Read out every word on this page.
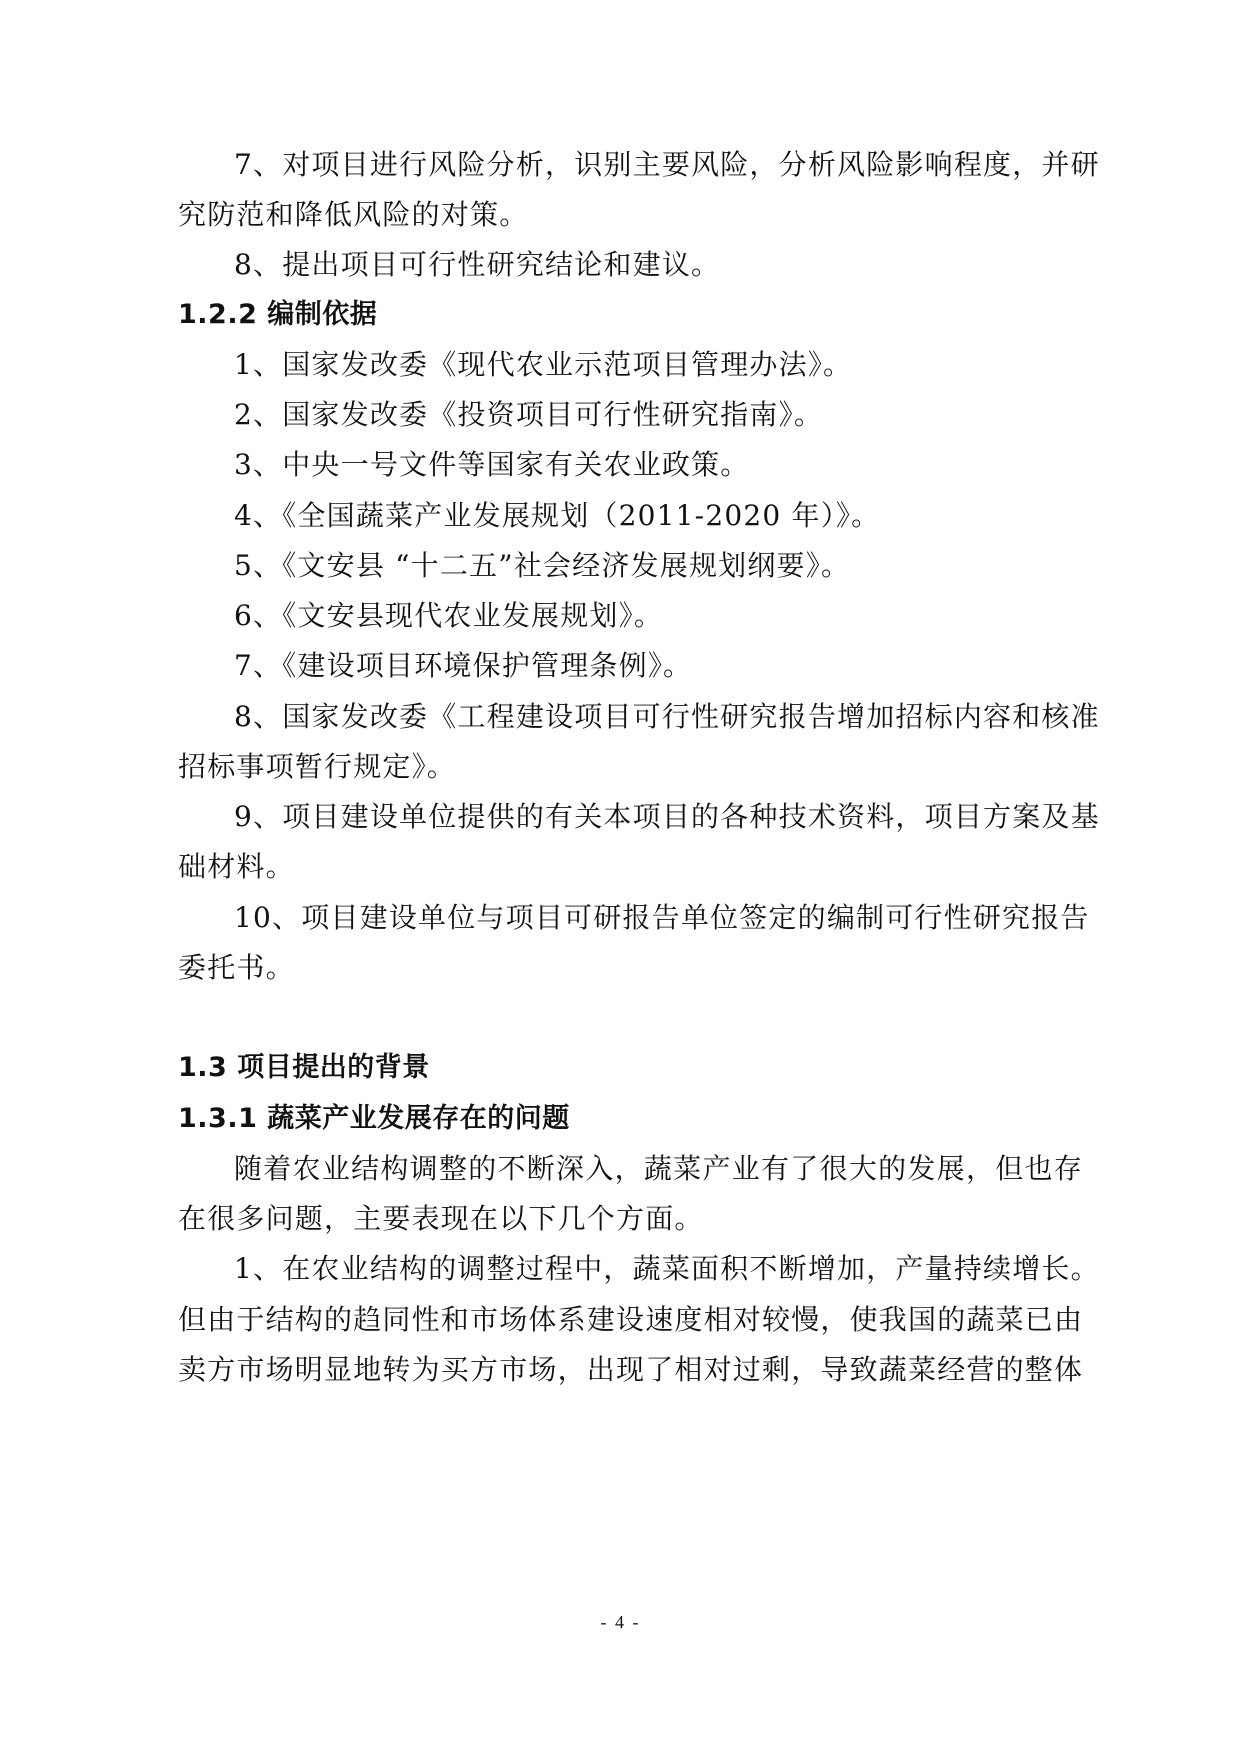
7、对项目进行风险分析，识别主要风险，分析风险影响程度，并研
究防范和降低风险的对策。
8、提出项目可行性研究结论和建议。
1.2.2 编制依据
1、国家发改委《现代农业示范项目管理办法》。
2、国家发改委《投资项目可行性研究指南》。
3、中央一号文件等国家有关农业政策。
4、《全国蔬菜产业发展规划（2011-2020 年）》。
5、《文安县 “十二五”社会经济发展规划纲要》。
6、《文安县现代农业发展规划》。
7、《建设项目环境保护管理条例》。
8、国家发改委《工程建设项目可行性研究报告增加招标内容和核准
招标事项暂行规定》。
9、项目建设单位提供的有关本项目的各种技术资料，项目方案及基
础材料。
10、项目建设单位与项目可研报告单位签定的编制可行性研究报告
委托书。
1.3 项目提出的背景
1.3.1 蔬菜产业发展存在的问题
随着农业结构调整的不断深入，蔬菜产业有了很大的发展，但也存
在很多问题，主要表现在以下几个方面。
1、在农业结构的调整过程中，蔬菜面积不断增加，产量持续增长。
但由于结构的趋同性和市场体系建设速度相对较慢，使我国的蔬菜已由
卖方市场明显地转为买方市场，出现了相对过剩，导致蔬菜经营的整体
- 4 -
